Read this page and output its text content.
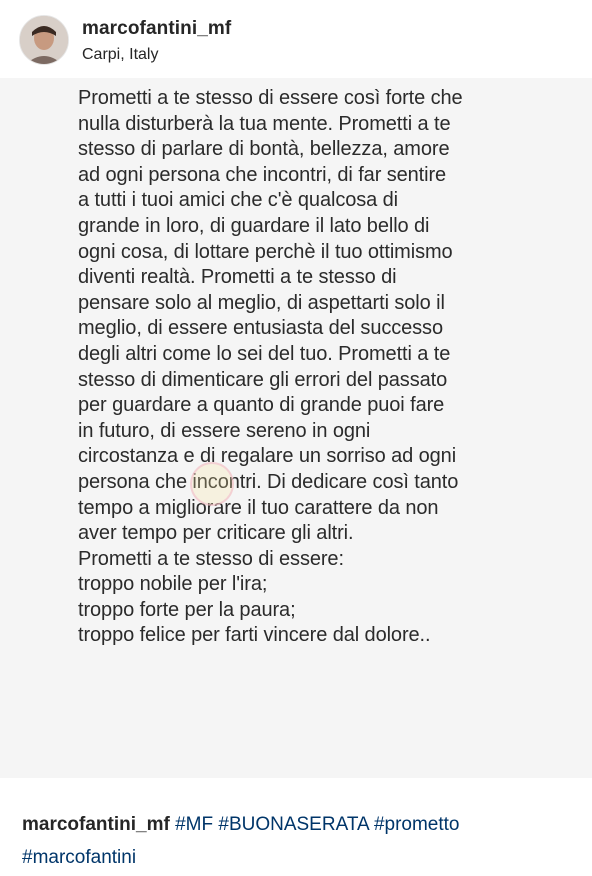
marcofantini_mf
Carpi, Italy
Prometti a te stesso di essere così forte che
nulla disturberà la tua mente. Prometti a te
stesso di parlare di bontà, bellezza, amore
ad ogni persona che incontri, di far sentire
a tutti i tuoi amici che c'è qualcosa di
grande in loro, di guardare il lato bello di
ogni cosa, di lottare perchè il tuo ottimismo
diventi realtà. Prometti a te stesso di
pensare solo al meglio, di aspettarti solo il
meglio, di essere entusiasta del successo
degli altri come lo sei del tuo. Prometti a te
stesso di dimenticare gli errori del passato
per guardare a quanto di grande puoi fare
in futuro, di essere sereno in ogni
circostanza e di regalare un sorriso ad ogni
persona che incontri. Di dedicare così tanto
tempo a migliorare il tuo carattere da non
aver tempo per criticare gli altri.
Prometti a te stesso di essere:
troppo nobile per l'ira;
troppo forte per la paura;
troppo felice per farti vincere dal dolore..
marcofantini_mf #MF #BUONASERATA #prometto
#marcofantini
